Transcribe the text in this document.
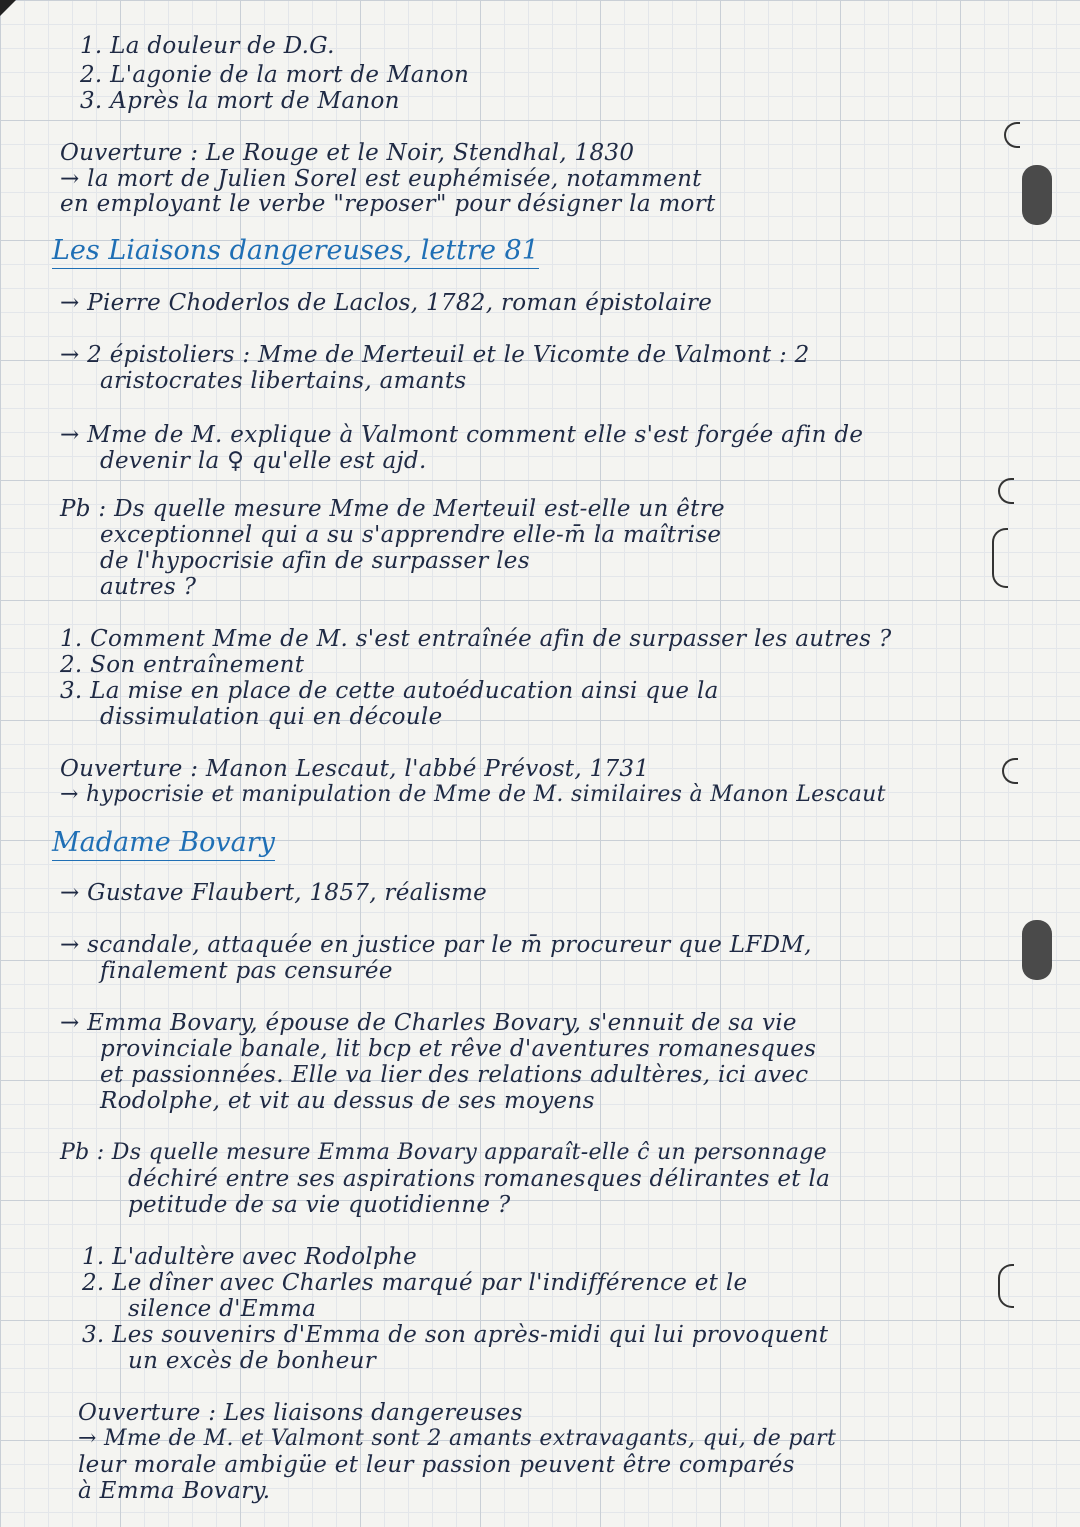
1. La douleur de D.G.
2. L'agonie de la mort de Manon
3. Après la mort de Manon
Ouverture : Le Rouge et le Noir, Stendhal, 1830
→ la mort de Julien Sorel est euphémisée, notamment
en employant le verbe "reposer" pour désigner la mort
Les Liaisons dangereuses, lettre 81
→ Pierre Choderlos de Laclos, 1782, roman épistolaire
→ 2 épistoliers : Mme de Merteuil et le Vicomte de Valmont : 2
aristocrates libertains, amants
→ Mme de M. explique à Valmont comment elle s'est forgée afin de
devenir la ♀ qu'elle est ajd.
Pb : Ds quelle mesure Mme de Merteuil est-elle un être
exceptionnel qui a su s'apprendre elle-m̄ la maîtrise
de l'hypocrisie afin de surpasser les
autres ?
1. Comment Mme de M. s'est entraînée afin de surpasser les autres ?
2. Son entraînement
3. La mise en place de cette autoéducation ainsi que la
dissimulation qui en découle
Ouverture : Manon Lescaut, l'abbé Prévost, 1731
→ hypocrisie et manipulation de Mme de M. similaires à Manon Lescaut
Madame Bovary
→ Gustave Flaubert, 1857, réalisme
→ scandale, attaquée en justice par le m̄ procureur que LFDM,
finalement pas censurée
→ Emma Bovary, épouse de Charles Bovary, s'ennuit de sa vie
provinciale banale, lit bcp et rêve d'aventures romanesques
et passionnées. Elle va lier des relations adultères, ici avec
Rodolphe, et vit au dessus de ses moyens
Pb : Ds quelle mesure Emma Bovary apparaît-elle ĉ un personnage
déchiré entre ses aspirations romanesques délirantes et la
petitude de sa vie quotidienne ?
1. L'adultère avec Rodolphe
2. Le dîner avec Charles marqué par l'indifférence et le
silence d'Emma
3. Les souvenirs d'Emma de son après-midi qui lui provoquent
un excès de bonheur
Ouverture : Les liaisons dangereuses
→ Mme de M. et Valmont sont 2 amants extravagants, qui, de part
leur morale ambigüe et leur passion peuvent être comparés
à Emma Bovary.
